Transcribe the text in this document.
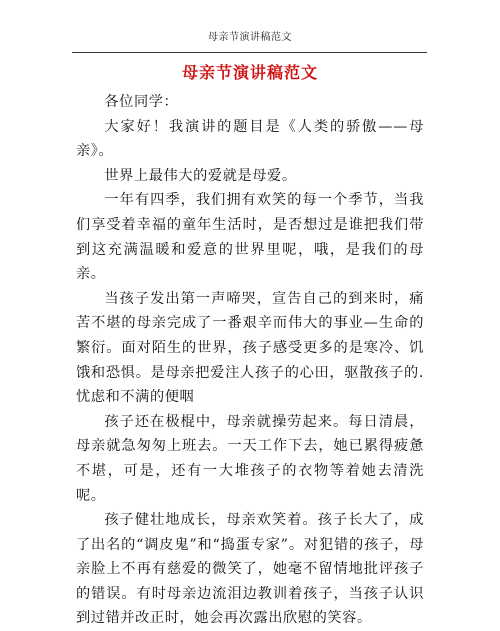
母亲节演讲稿范文
母亲节演讲稿范文

各位同学：

大家好！我演讲的题目是《人类的骄傲——母亲》。

世界上最伟大的爱就是母爱。

一年有四季，我们拥有欢笑的每一个季节，当我们享受着幸福的童年生活时，是否想过是谁把我们带到这充满温暖和爱意的世界里呢，哦，是我们的母亲。

当孩子发出第一声啼哭，宣告自己的到来时，痛苦不堪的母亲完成了一番艰辛而伟大的事业—生命的繁衍。面对陌生的世界，孩子感受更多的是寒冷、饥饿和恐惧。是母亲把爱注人孩子的心田，驱散孩子的.忧虑和不满的便咽

孩子还在极棍中，母亲就操劳起来。每日清晨，母亲就急匆匆上班去。一天工作下去，她已累得疲惫不堪，可是，还有一大堆孩子的衣物等着她去清洗呢。

孩子健壮地成长，母亲欢笑着。孩子长大了，成了出名的“调皮鬼”和“捣蛋专家”。对犯错的孩子，母亲脸上不再有慈爱的微笑了，她毫不留情地批评孩子的错误。有时母亲边流泪边教训着孩子，当孩子认识到过错并改正时，她会再次露出欣慰的笑容。
